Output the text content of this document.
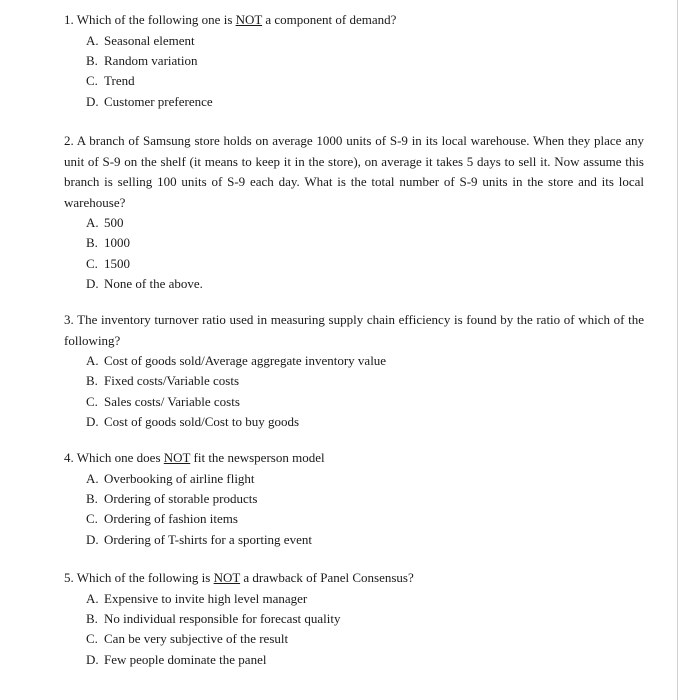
1. Which of the following one is NOT a component of demand?

A. Seasonal element
B. Random variation
C. Trend
D. Customer preference

2. A branch of Samsung store holds on average 1000 units of S-9 in its local warehouse. When they place any unit of S-9 on the shelf (it means to keep it in the store), on average it takes 5 days to sell it. Now assume this branch is selling 100 units of S-9 each day. What is the total number of S-9 units in the store and its local warehouse?

A. 500
B. 1000
C. 1500
D. None of the above.

3. The inventory turnover ratio used in measuring supply chain efficiency is found by the ratio of which of the following?

A. Cost of goods sold/Average aggregate inventory value
B. Fixed costs/Variable costs
C. Sales costs/ Variable costs
D. Cost of goods sold/Cost to buy goods

4. Which one does NOT fit the newsperson model

A. Overbooking of airline flight
B. Ordering of storable products
C. Ordering of fashion items
D. Ordering of T-shirts for a sporting event

5. Which of the following is NOT a drawback of Panel Consensus?

A. Expensive to invite high level manager
B. No individual responsible for forecast quality
C. Can be very subjective of the result
D. Few people dominate the panel
